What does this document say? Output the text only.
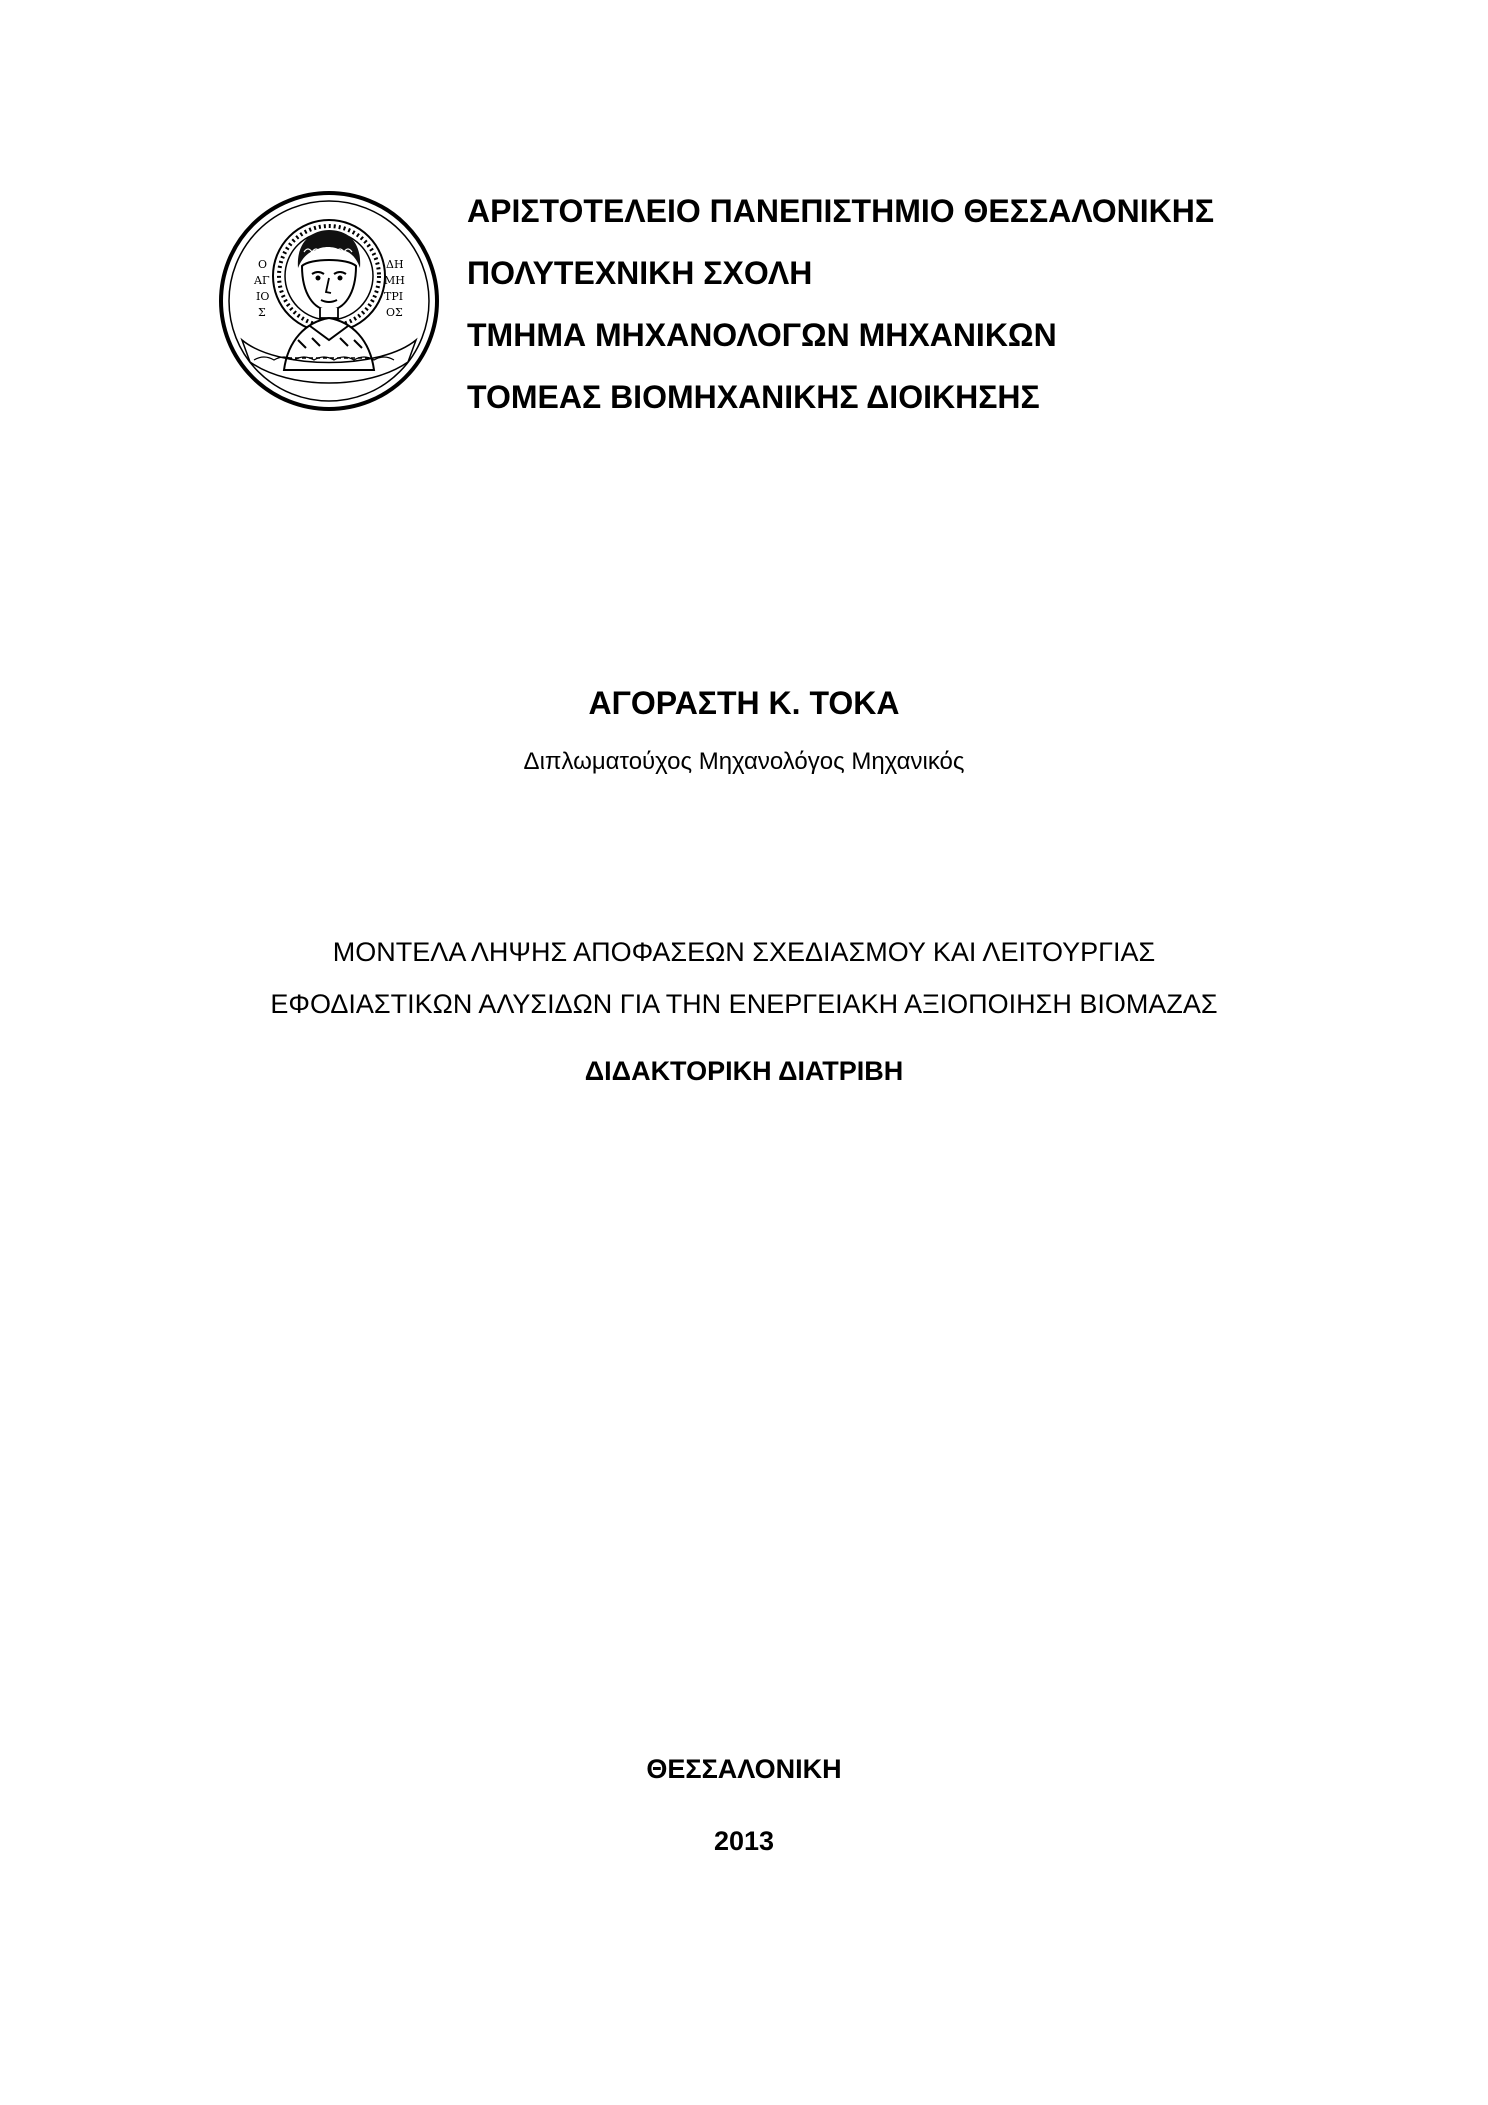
Ο
ΑΓ
ΙΟ
Σ
ΔΗ
ΜΗ
ΤΡΙ
ΟΣ

ΑΡΙΣΤΟΤΕΛΕΙΟ ΠΑΝΕΠΙΣΤΗΜΙΟ ΘΕΣΣΑΛΟΝΙΚΗΣ

ΠΟΛΥΤΕΧΝΙΚΗ ΣΧΟΛΗ

ΤΜΗΜΑ ΜΗΧΑΝΟΛΟΓΩΝ ΜΗΧΑΝΙΚΩΝ

ΤΟΜΕΑΣ ΒΙΟΜΗΧΑΝΙΚΗΣ ΔΙΟΙΚΗΣΗΣ

ΑΓΟΡΑΣΤΗ Κ. ΤΟΚΑ

Διπλωματούχος Μηχανολόγος Μηχανικός

ΜΟΝΤΕΛΑ ΛΗΨΗΣ ΑΠΟΦΑΣΕΩΝ ΣΧΕΔΙΑΣΜΟΥ ΚΑΙ ΛΕΙΤΟΥΡΓΙΑΣ

ΕΦΟΔΙΑΣΤΙΚΩΝ ΑΛΥΣΙΔΩΝ ΓΙΑ ΤΗΝ ΕΝΕΡΓΕΙΑΚΗ ΑΞΙΟΠΟΙΗΣΗ ΒΙΟΜΑΖΑΣ

ΔΙΔΑΚΤΟΡΙΚΗ ΔΙΑΤΡΙΒΗ

ΘΕΣΣΑΛΟΝΙΚΗ

2013
